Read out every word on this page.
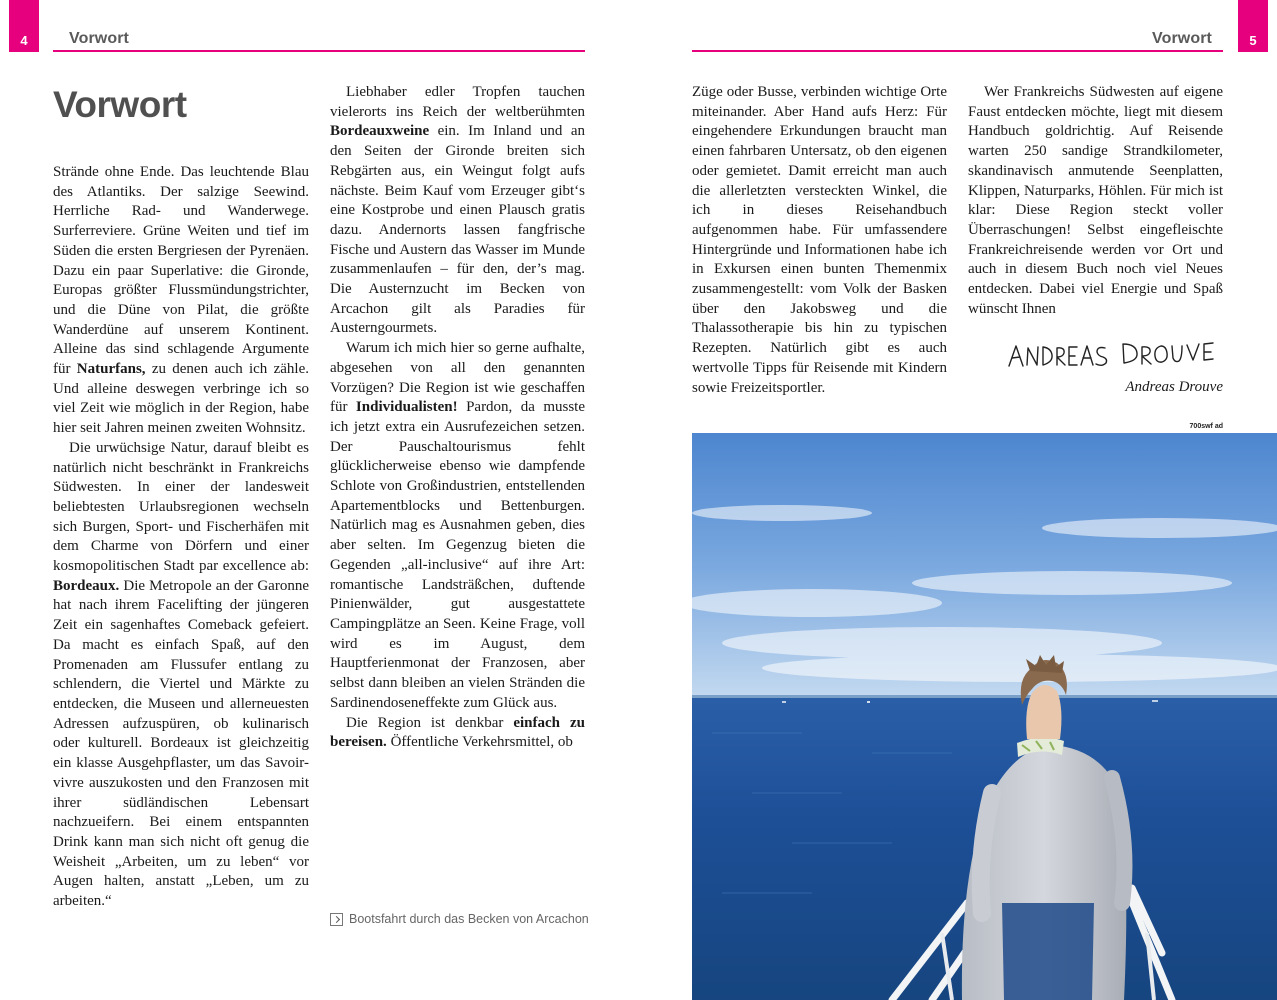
4	Vorwort
Vorwort

Strände ohne Ende. Das leuchtende Blau des Atlantiks. Der salzige Seewind. Herrliche Rad- und Wanderwege. Surferreviere. Grüne Weiten und tief im Süden die ersten Bergriesen der Pyrenäen. Dazu ein paar Superlative: die Gironde, Europas größter Flussmündungstrichter, und die Düne von Pilat, die größte Wanderdüne auf unserem Kontinent. Alleine das sind schlagende Argumente für Naturfans, zu denen auch ich zähle. Und alleine deswegen verbringe ich so viel Zeit wie möglich in der Region, habe hier seit Jahren meinen zweiten Wohnsitz.

Die urwüchsige Natur, darauf bleibt es natürlich nicht beschränkt in Frankreichs Südwesten. In einer der landesweit beliebtesten Urlaubsregionen wechseln sich Burgen, Sport- und Fischerhäfen mit dem Charme von Dörfern und einer kosmopolitischen Stadt par excellence ab: Bordeaux. Die Metropole an der Garonne hat nach ihrem Facelifting der jüngeren Zeit ein sagenhaftes Comeback gefeiert. Da macht es einfach Spaß, auf den Promenaden am Flussufer entlang zu schlendern, die Viertel und Märkte zu entdecken, die Museen und allerneuesten Adressen aufzuspüren, ob kulinarisch oder kulturell. Bordeaux ist gleichzeitig ein klasse Ausgehpflaster, um das Savoir-vivre auszukosten und den Franzosen mit ihrer südländischen Lebensart nachzueifern. Bei einem entspannten Drink kann man sich nicht oft genug die Weisheit „Arbeiten, um zu leben“ vor Augen halten, anstatt „Leben, um zu arbeiten.“

Liebhaber edler Tropfen tauchen vielerorts ins Reich der weltberühmten Bordeauxweine ein. Im Inland und an den Seiten der Gironde breiten sich Rebgärten aus, ein Weingut folgt aufs nächste. Beim Kauf vom Erzeuger gibt‘s eine Kostprobe und einen Plausch gratis dazu. Andernorts lassen fangfrische Fische und Austern das Wasser im Munde zusammenlaufen – für den, der’s mag. Die Austernzucht im Becken von Arcachon gilt als Paradies für Austerngourmets.

Warum ich mich hier so gerne aufhalte, abgesehen von all den genannten Vorzügen? Die Region ist wie geschaffen für Individualisten! Pardon, da musste ich jetzt extra ein Ausrufezeichen setzen. Der Pauschaltourismus fehlt glücklicherweise ebenso wie dampfende Schlote von Großindustrien, entstellenden Apartementblocks und Bettenburgen. Natürlich mag es Ausnahmen geben, dies aber selten. Im Gegenzug bieten die Gegenden „all-inclusive“ auf ihre Art: romantische Landsträßchen, duftende Pinienwälder, gut ausgestattete Campingplätze an Seen. Keine Frage, voll wird es im August, dem Hauptferienmonat der Franzosen, aber selbst dann bleiben an vielen Stränden die Sardinendoseneffekte zum Glück aus.

Die Region ist denkbar einfach zu bereisen. Öffentliche Verkehrsmittel, ob

Bootsfahrt durch das Becken von Arcachon
5
Vorwort

Züge oder Busse, verbinden wichtige Orte miteinander. Aber Hand aufs Herz: Für eingehendere Erkundungen braucht man einen fahrbaren Untersatz, ob den eigenen oder gemietet. Damit erreicht man auch die allerletzten versteckten Winkel, die ich in dieses Reisehandbuch aufgenommen habe. Für umfassendere Hintergründe und Informationen habe ich in Exkursen einen bunten Themenmix zusammengestellt: vom Volk der Basken über den Jakobsweg und die Thalassotherapie bis hin zu typischen Rezepten. Natürlich gibt es auch wertvolle Tipps für Reisende mit Kindern sowie Freizeitsportler.

Wer Frankreichs Südwesten auf eigene Faust entdecken möchte, liegt mit diesem Handbuch goldrichtig. Auf Reisende warten 250 sandige Strandkilometer, skandinavisch anmutende Seenplatten, Klippen, Naturparks, Höhlen. Für mich ist klar: Diese Region steckt voller Überraschungen! Selbst eingefleischte Frankreichreisende werden vor Ort und auch in diesem Buch noch viel Neues entdecken. Dabei viel Energie und Spaß wünscht Ihnen

Andreas Drouve
700swf ad
